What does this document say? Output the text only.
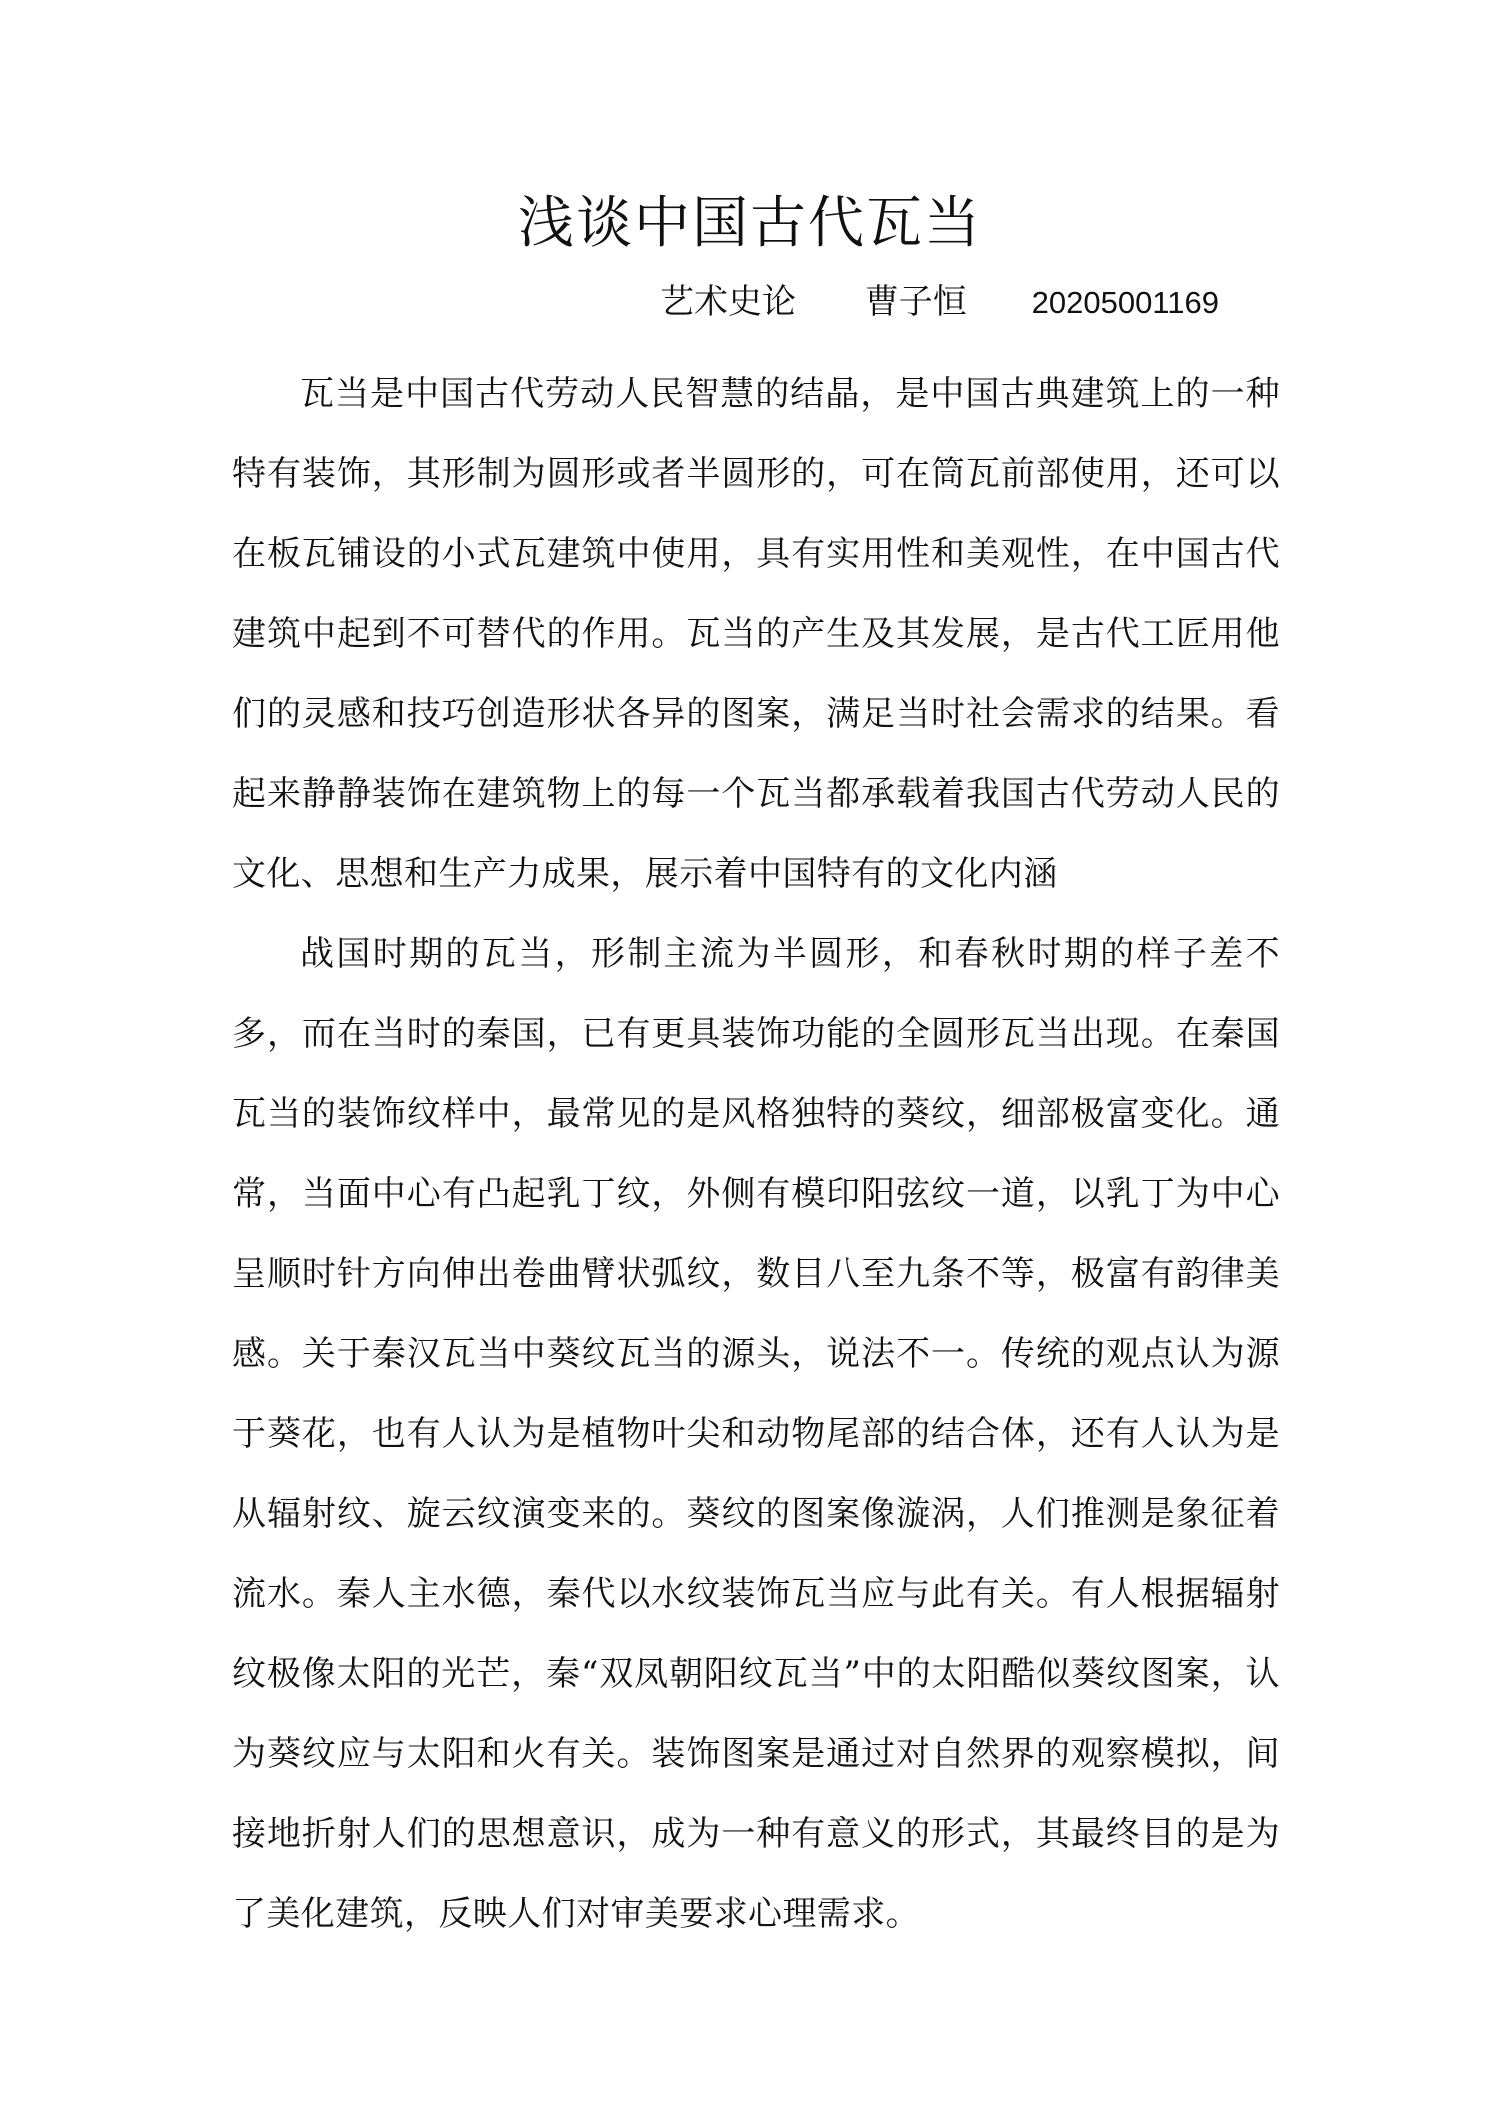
浅谈中国古代瓦当
艺术史论 曹子恒 20205001169

瓦当是中国古代劳动人民智慧的结晶，是中国古典建筑上的一种特有装饰，其形制为圆形或者半圆形的，可在筒瓦前部使用，还可以在板瓦铺设的小式瓦建筑中使用，具有实用性和美观性，在中国古代建筑中起到不可替代的作用。瓦当的产生及其发展，是古代工匠用他们的灵感和技巧创造形状各异的图案，满足当时社会需求的结果。看起来静静装饰在建筑物上的每一个瓦当都承载着我国古代劳动人民的文化、思想和生产力成果，展示着中国特有的文化内涵

战国时期的瓦当，形制主流为半圆形，和春秋时期的样子差不多，而在当时的秦国，已有更具装饰功能的全圆形瓦当出现。在秦国瓦当的装饰纹样中，最常见的是风格独特的葵纹，细部极富变化。通常，当面中心有凸起乳丁纹，外侧有模印阳弦纹一道，以乳丁为中心呈顺时针方向伸出卷曲臂状弧纹，数目八至九条不等，极富有韵律美感。关于秦汉瓦当中葵纹瓦当的源头，说法不一。传统的观点认为源于葵花，也有人认为是植物叶尖和动物尾部的结合体，还有人认为是从辐射纹、旋云纹演变来的。葵纹的图案像漩涡，人们推测是象征着流水。秦人主水德，秦代以水纹装饰瓦当应与此有关。有人根据辐射纹极像太阳的光芒，秦“双凤朝阳纹瓦当”中的太阳酷似葵纹图案，认为葵纹应与太阳和火有关。装饰图案是通过对自然界的观察模拟，间接地折射人们的思想意识，成为一种有意义的形式，其最终目的是为了美化建筑，反映人们对审美要求心理需求。
